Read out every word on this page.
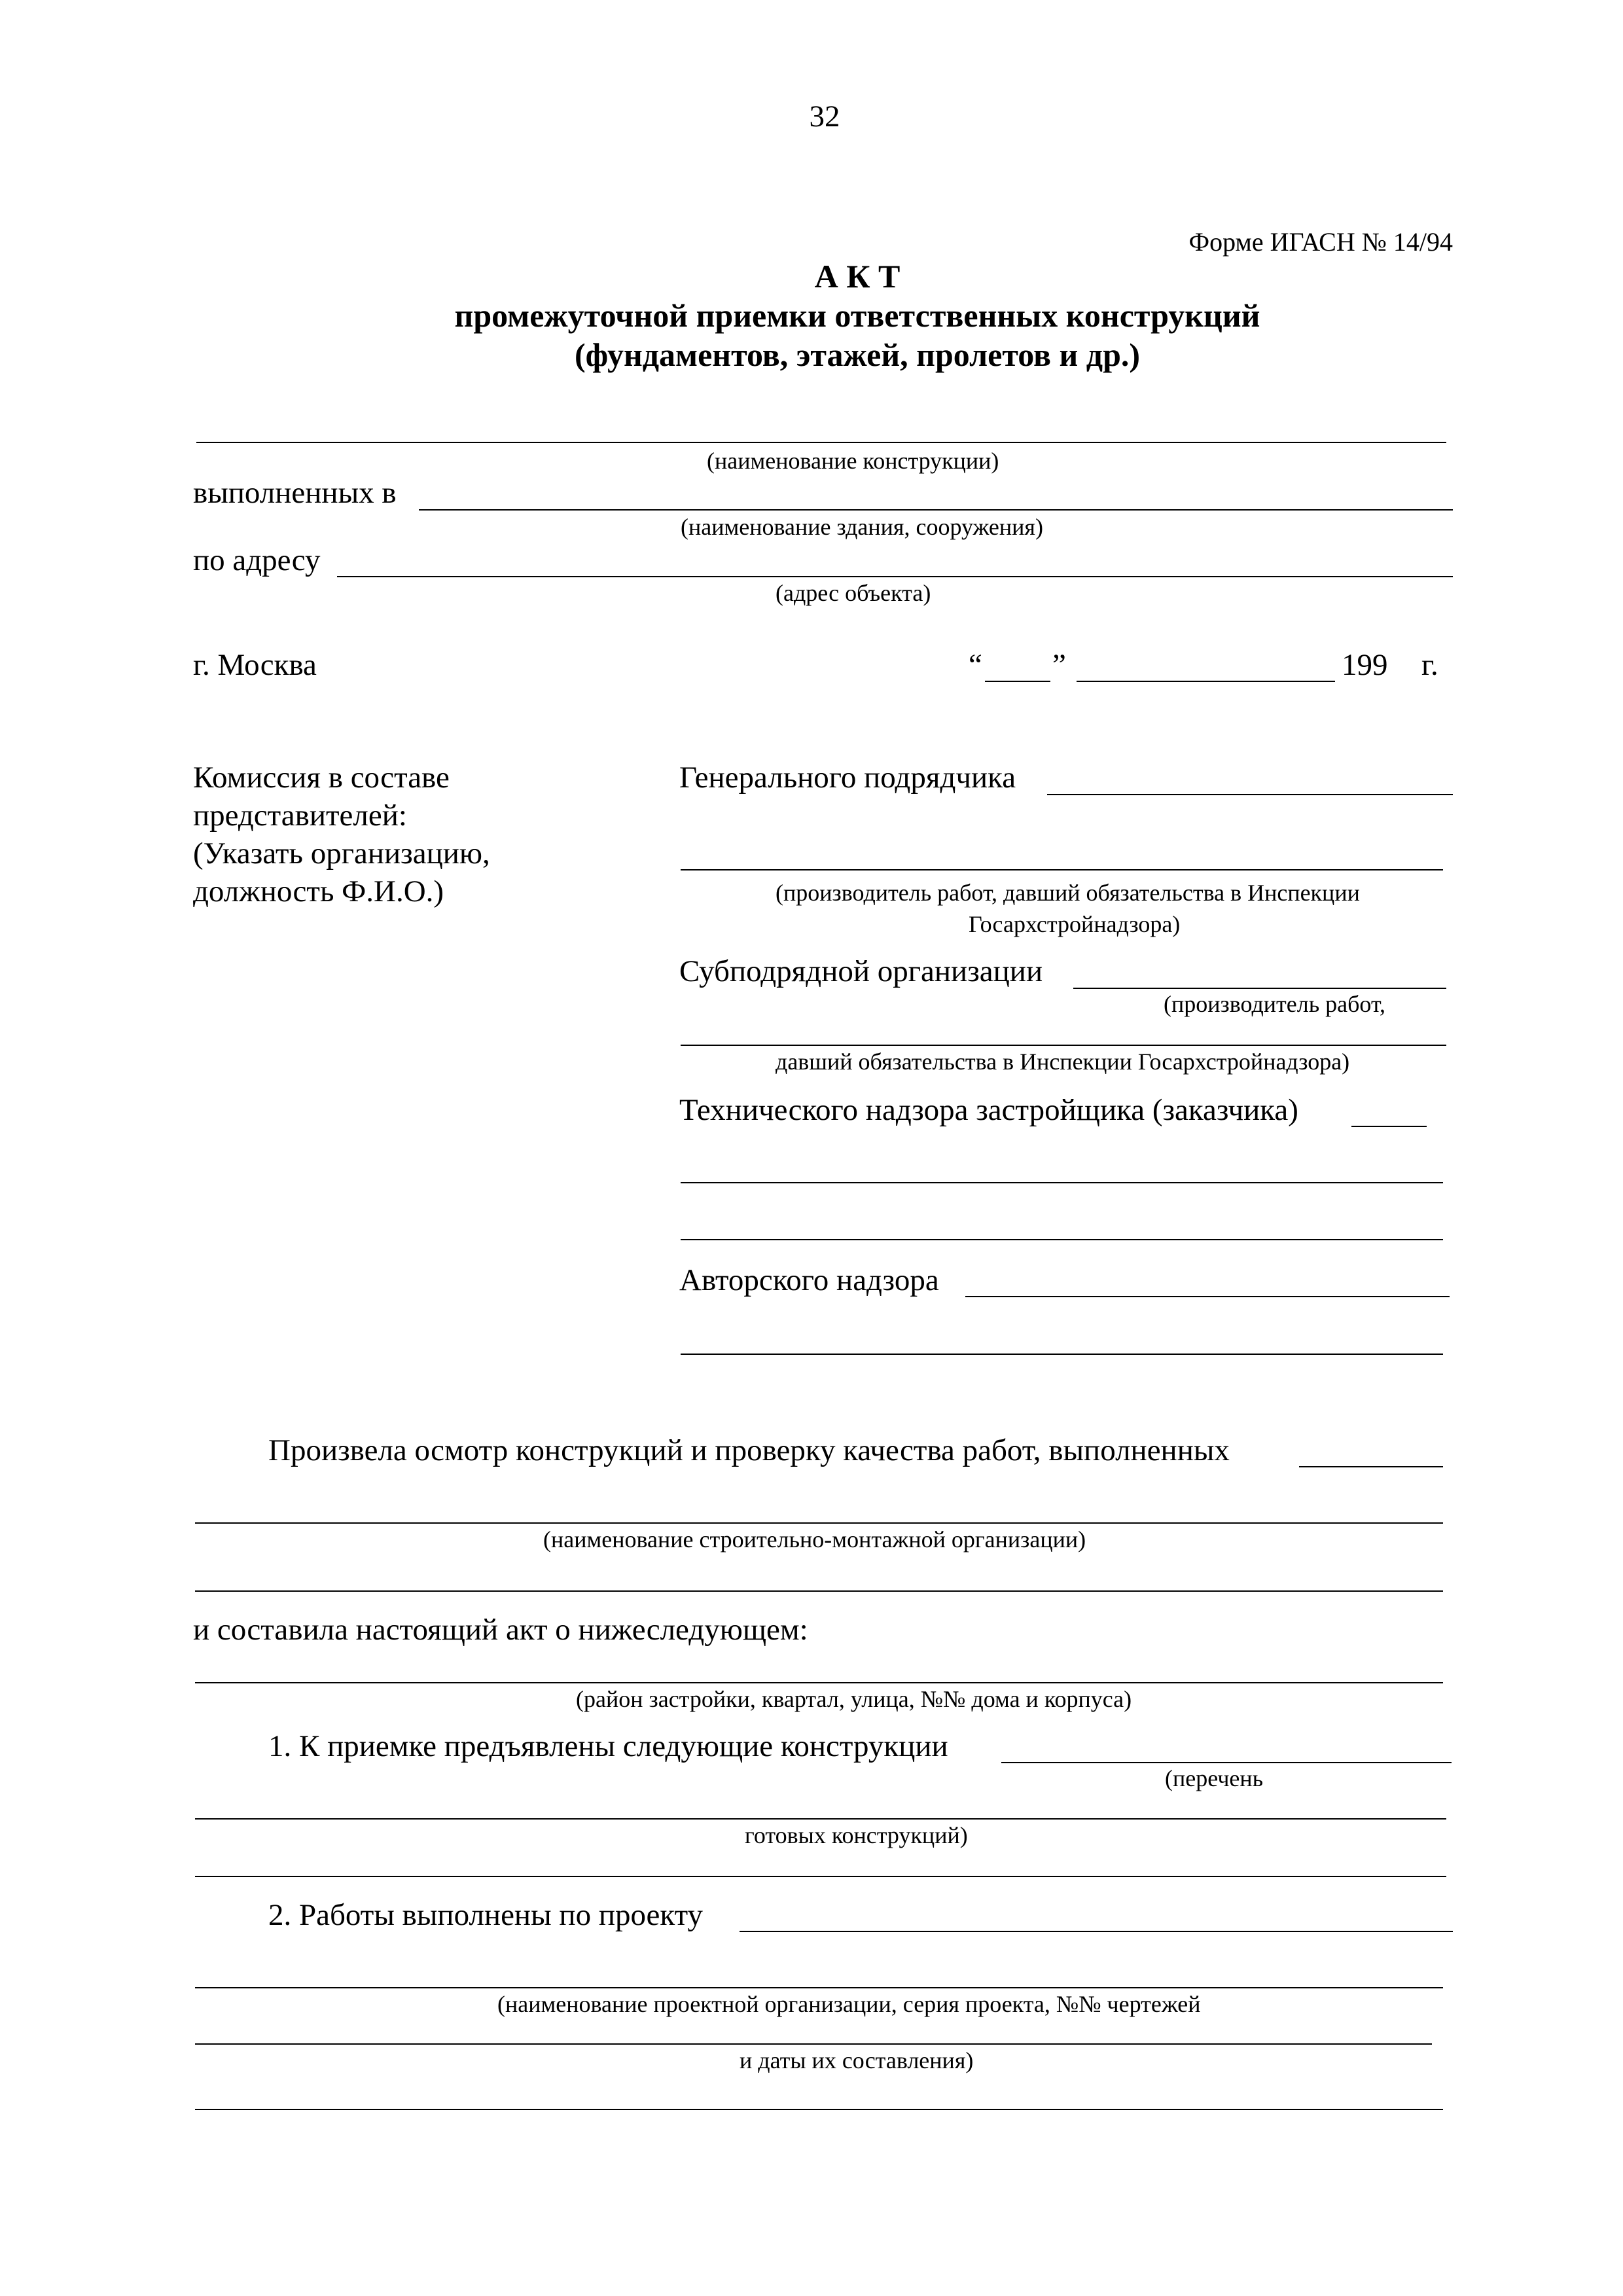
32
Форме ИГАСН № 14/94
А К Т
промежуточной приемки ответственных конструкций
(фундаментов, этажей, пролетов и др.)
(наименование конструкции)
выполненных в
(наименование здания, сооружения)
по адресу
(адрес объекта)
г. Москва	“ ”	199 г.
Комиссия в составе
представителей:
(Указать организацию,
должность Ф.И.О.)
Генерального подрядчика
(производитель работ, давший обязательства в Инспекции
Госархстройнадзора)
Субподрядной организации
(производитель работ,
давший обязательства в Инспекции Госархстройнадзора)
Технического надзора застройщика (заказчика)
Авторского надзора
Произвела осмотр конструкций и проверку качества работ, выполненных
(наименование строительно-монтажной организации)
и составила настоящий акт о нижеследующем:
(район застройки, квартал, улица, №№ дома и корпуса)
1. К приемке предъявлены следующие конструкции
(перечень
готовых конструкций)
2. Работы выполнены по проекту
(наименование проектной организации, серия проекта, №№ чертежей
и даты их составления)
